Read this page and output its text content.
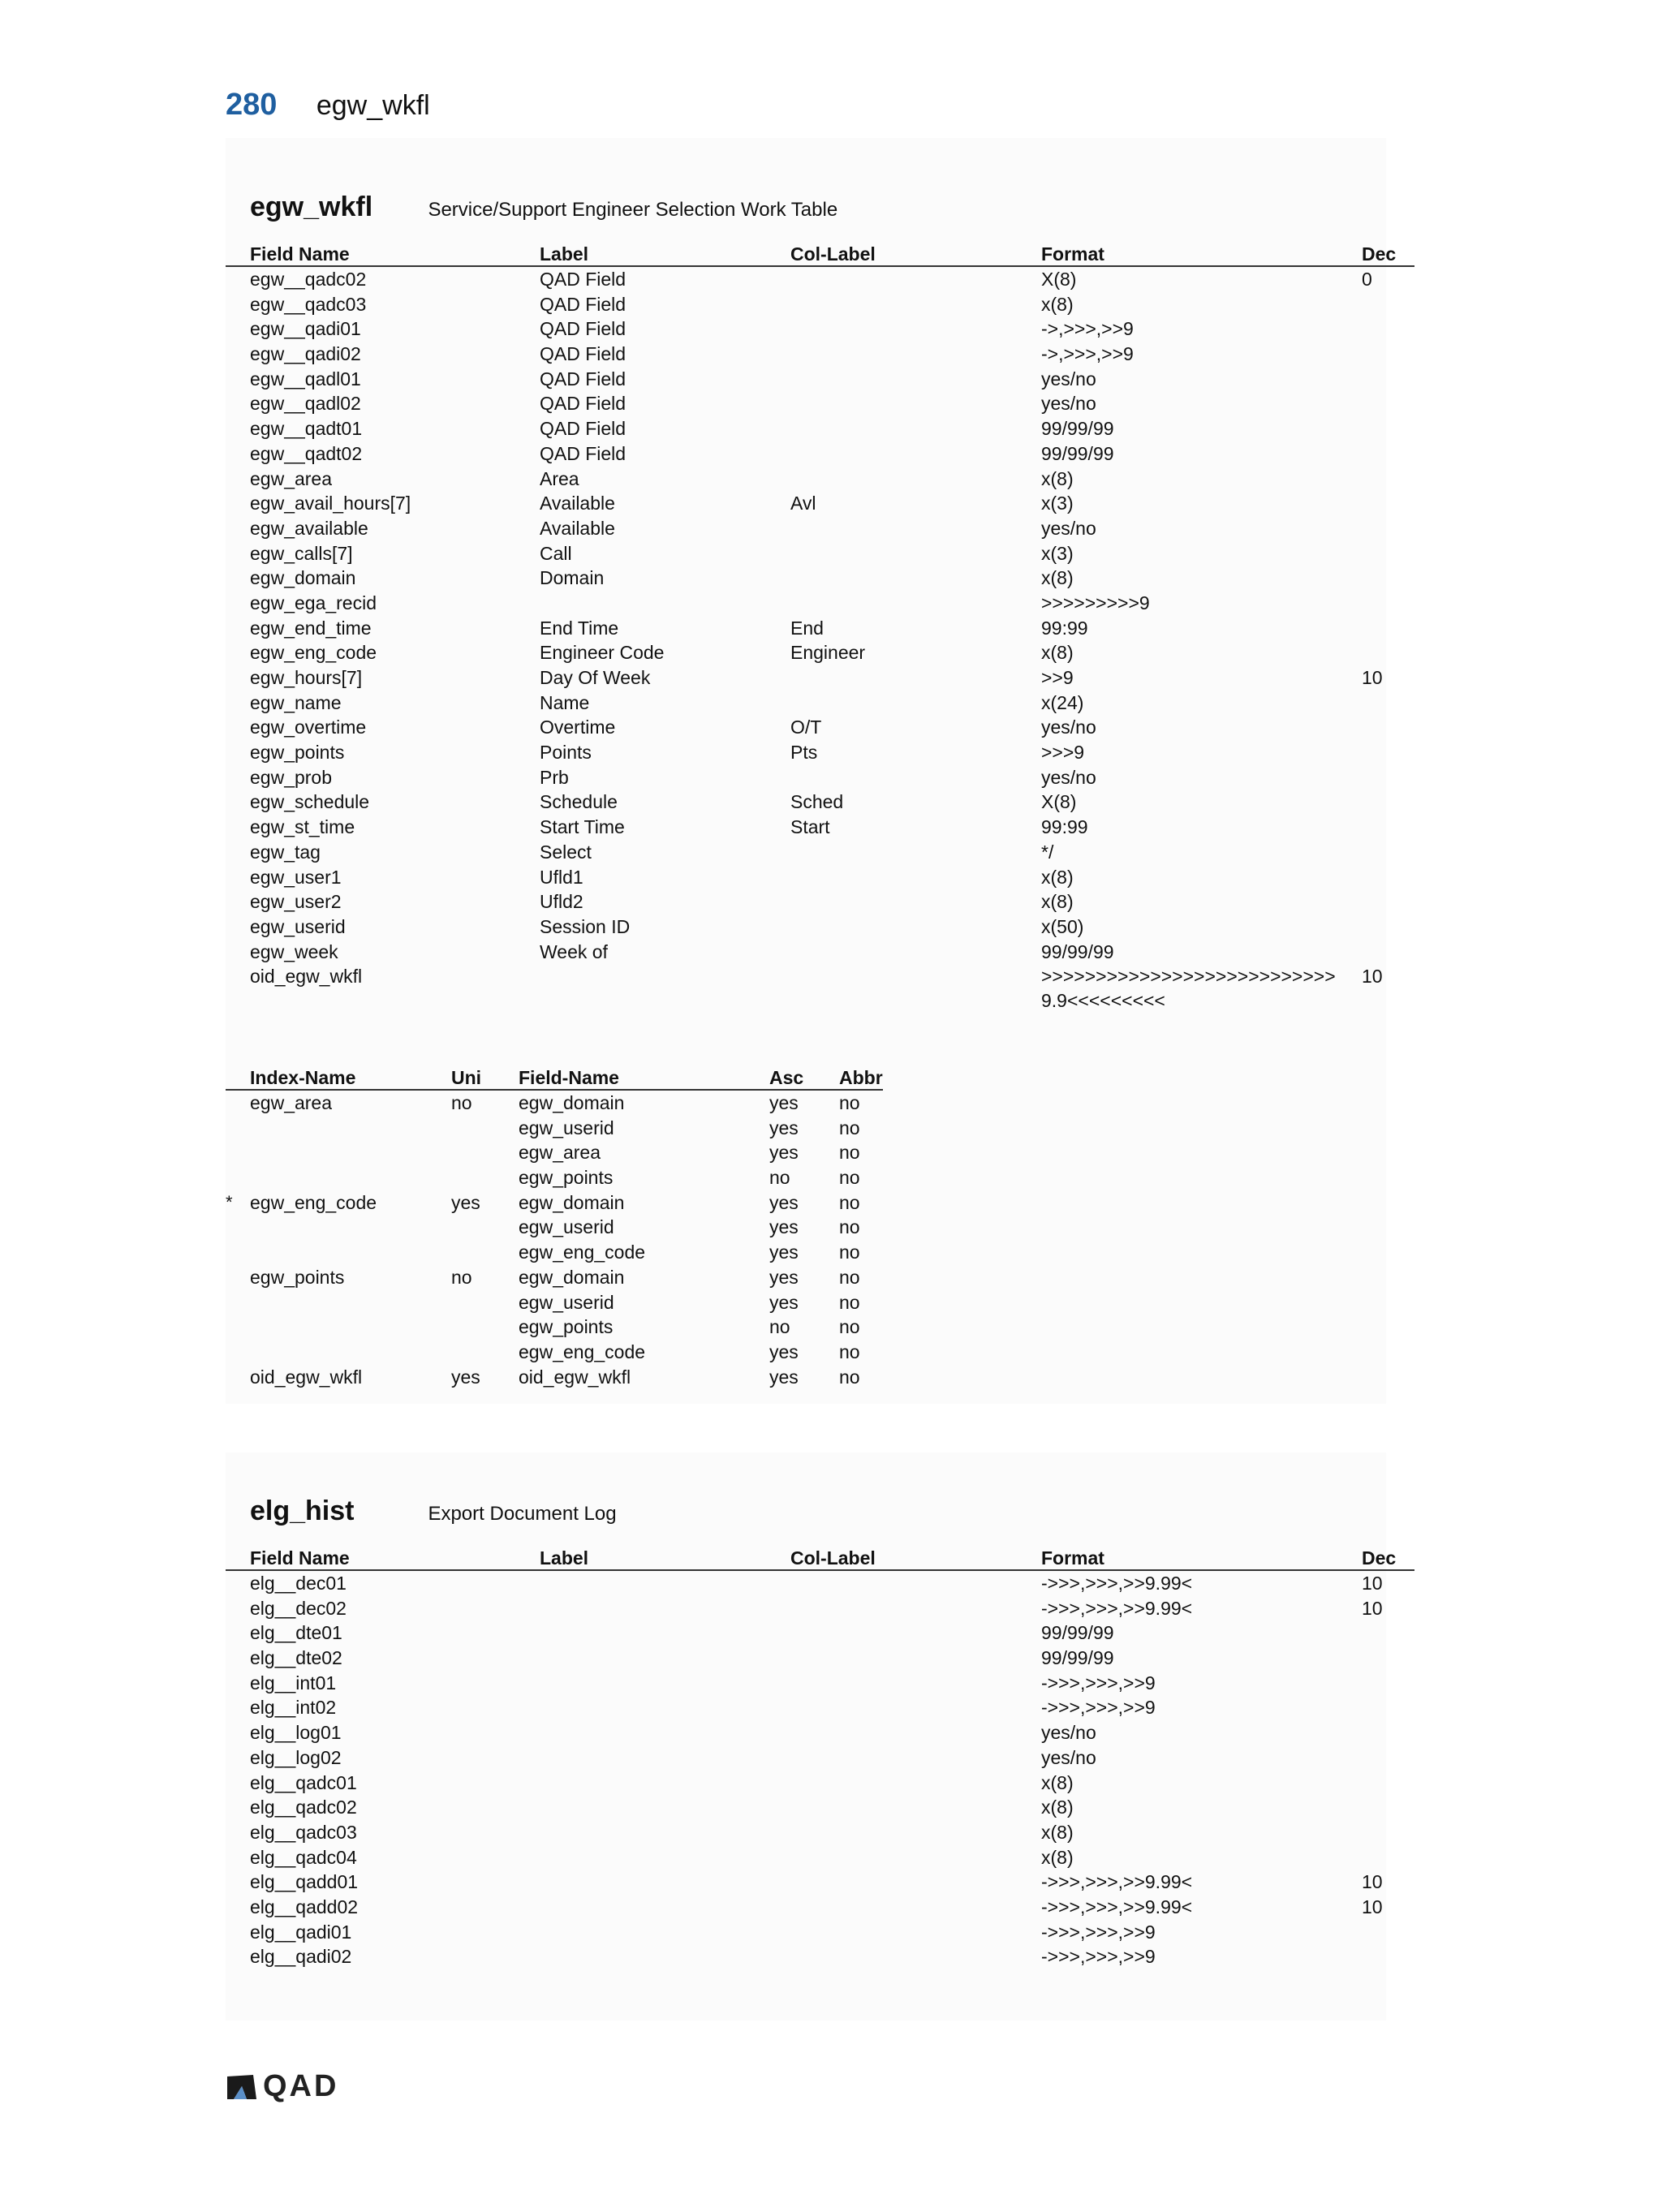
280 egw_wkfl
egw_wkfl	Service/Support Engineer Selection Work Table
Field Name	Label	Col-Label	Format	Dec
egw__qadc02	QAD Field		X(8)	0
egw__qadc03	QAD Field		x(8)	
egw__qadi01	QAD Field		->,>>>,>>9	
egw__qadi02	QAD Field		->,>>>,>>9	
egw__qadl01	QAD Field		yes/no	
egw__qadl02	QAD Field		yes/no	
egw__qadt01	QAD Field		99/99/99	
egw__qadt02	QAD Field		99/99/99	
egw_area	Area		x(8)	
egw_avail_hours[7]	Available	Avl	x(3)	
egw_available	Available		yes/no	
egw_calls[7]	Call		x(3)	
egw_domain	Domain		x(8)	
egw_ega_recid			>>>>>>>>>9	
egw_end_time	End Time	End	99:99	
egw_eng_code	Engineer Code	Engineer	x(8)	
egw_hours[7]	Day Of Week		>>9	10
egw_name	Name		x(24)	
egw_overtime	Overtime	O/T	yes/no	
egw_points	Points	Pts	>>>9	
egw_prob	Prb		yes/no	
egw_schedule	Schedule	Sched	X(8)	
egw_st_time	Start Time	Start	99:99	
egw_tag	Select		*/	
egw_user1	Ufld1		x(8)	
egw_user2	Ufld2		x(8)	
egw_userid	Session ID		x(50)	
egw_week	Week of		99/99/99	
oid_egw_wkfl			>>>>>>>>>>>>>>>>>>>>>>>>>>>9.9<<<<<<<<<	10
Index-Name	Uni	Field-Name	Asc	Abbr
egw_area	no	egw_domain	yes	no
		egw_userid	yes	no
		egw_area	yes	no
		egw_points	no	no

* egw_eng_code	yes	egw_domain	yes	no
		egw_userid	yes	no
		egw_eng_code	yes	no
egw_points	no	egw_domain	yes	no
		egw_userid	yes	no
		egw_points	no	no
		egw_eng_code	yes	no
oid_egw_wkfl	yes	oid_egw_wkfl	yes	no
elg_hist	Export Document Log
Field Name	Label	Col-Label	Format	Dec
elg__dec01			->>>,>>>,>>9.99<	10
elg__dec02			->>>,>>>,>>9.99<	10
elg__dte01			99/99/99	
elg__dte02			99/99/99	
elg__int01			->>>,>>>,>>9	
elg__int02			->>>,>>>,>>9	
elg__log01			yes/no	
elg__log02			yes/no	
elg__qadc01			x(8)	
elg__qadc02			x(8)	
elg__qadc03			x(8)	
elg__qadc04			x(8)	
elg__qadd01			->>>,>>>,>>9.99<	10
elg__qadd02			->>>,>>>,>>9.99<	10
elg__qadi01			->>>,>>>,>>9	
elg__qadi02			->>>,>>>,>>9	
QAD
